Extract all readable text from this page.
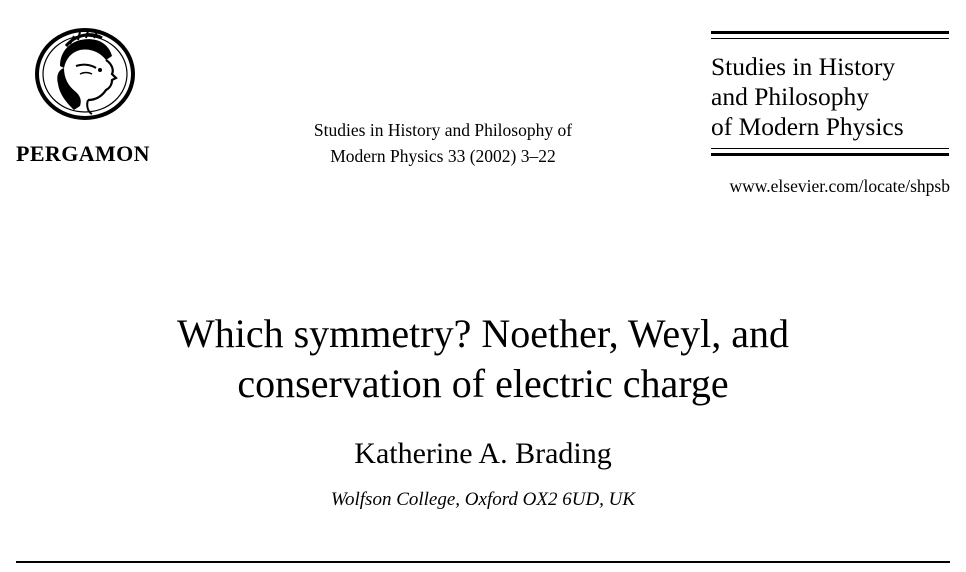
PERGAMON
Studies in History and Philosophy of
Modern Physics 33 (2002) 3–22
Studies in History
and Philosophy
of Modern Physics
www.elsevier.com/locate/shpsb
Which symmetry? Noether, Weyl, and
conservation of electric charge
Katherine A. Brading
Wolfson College, Oxford OX2 6UD, UK
